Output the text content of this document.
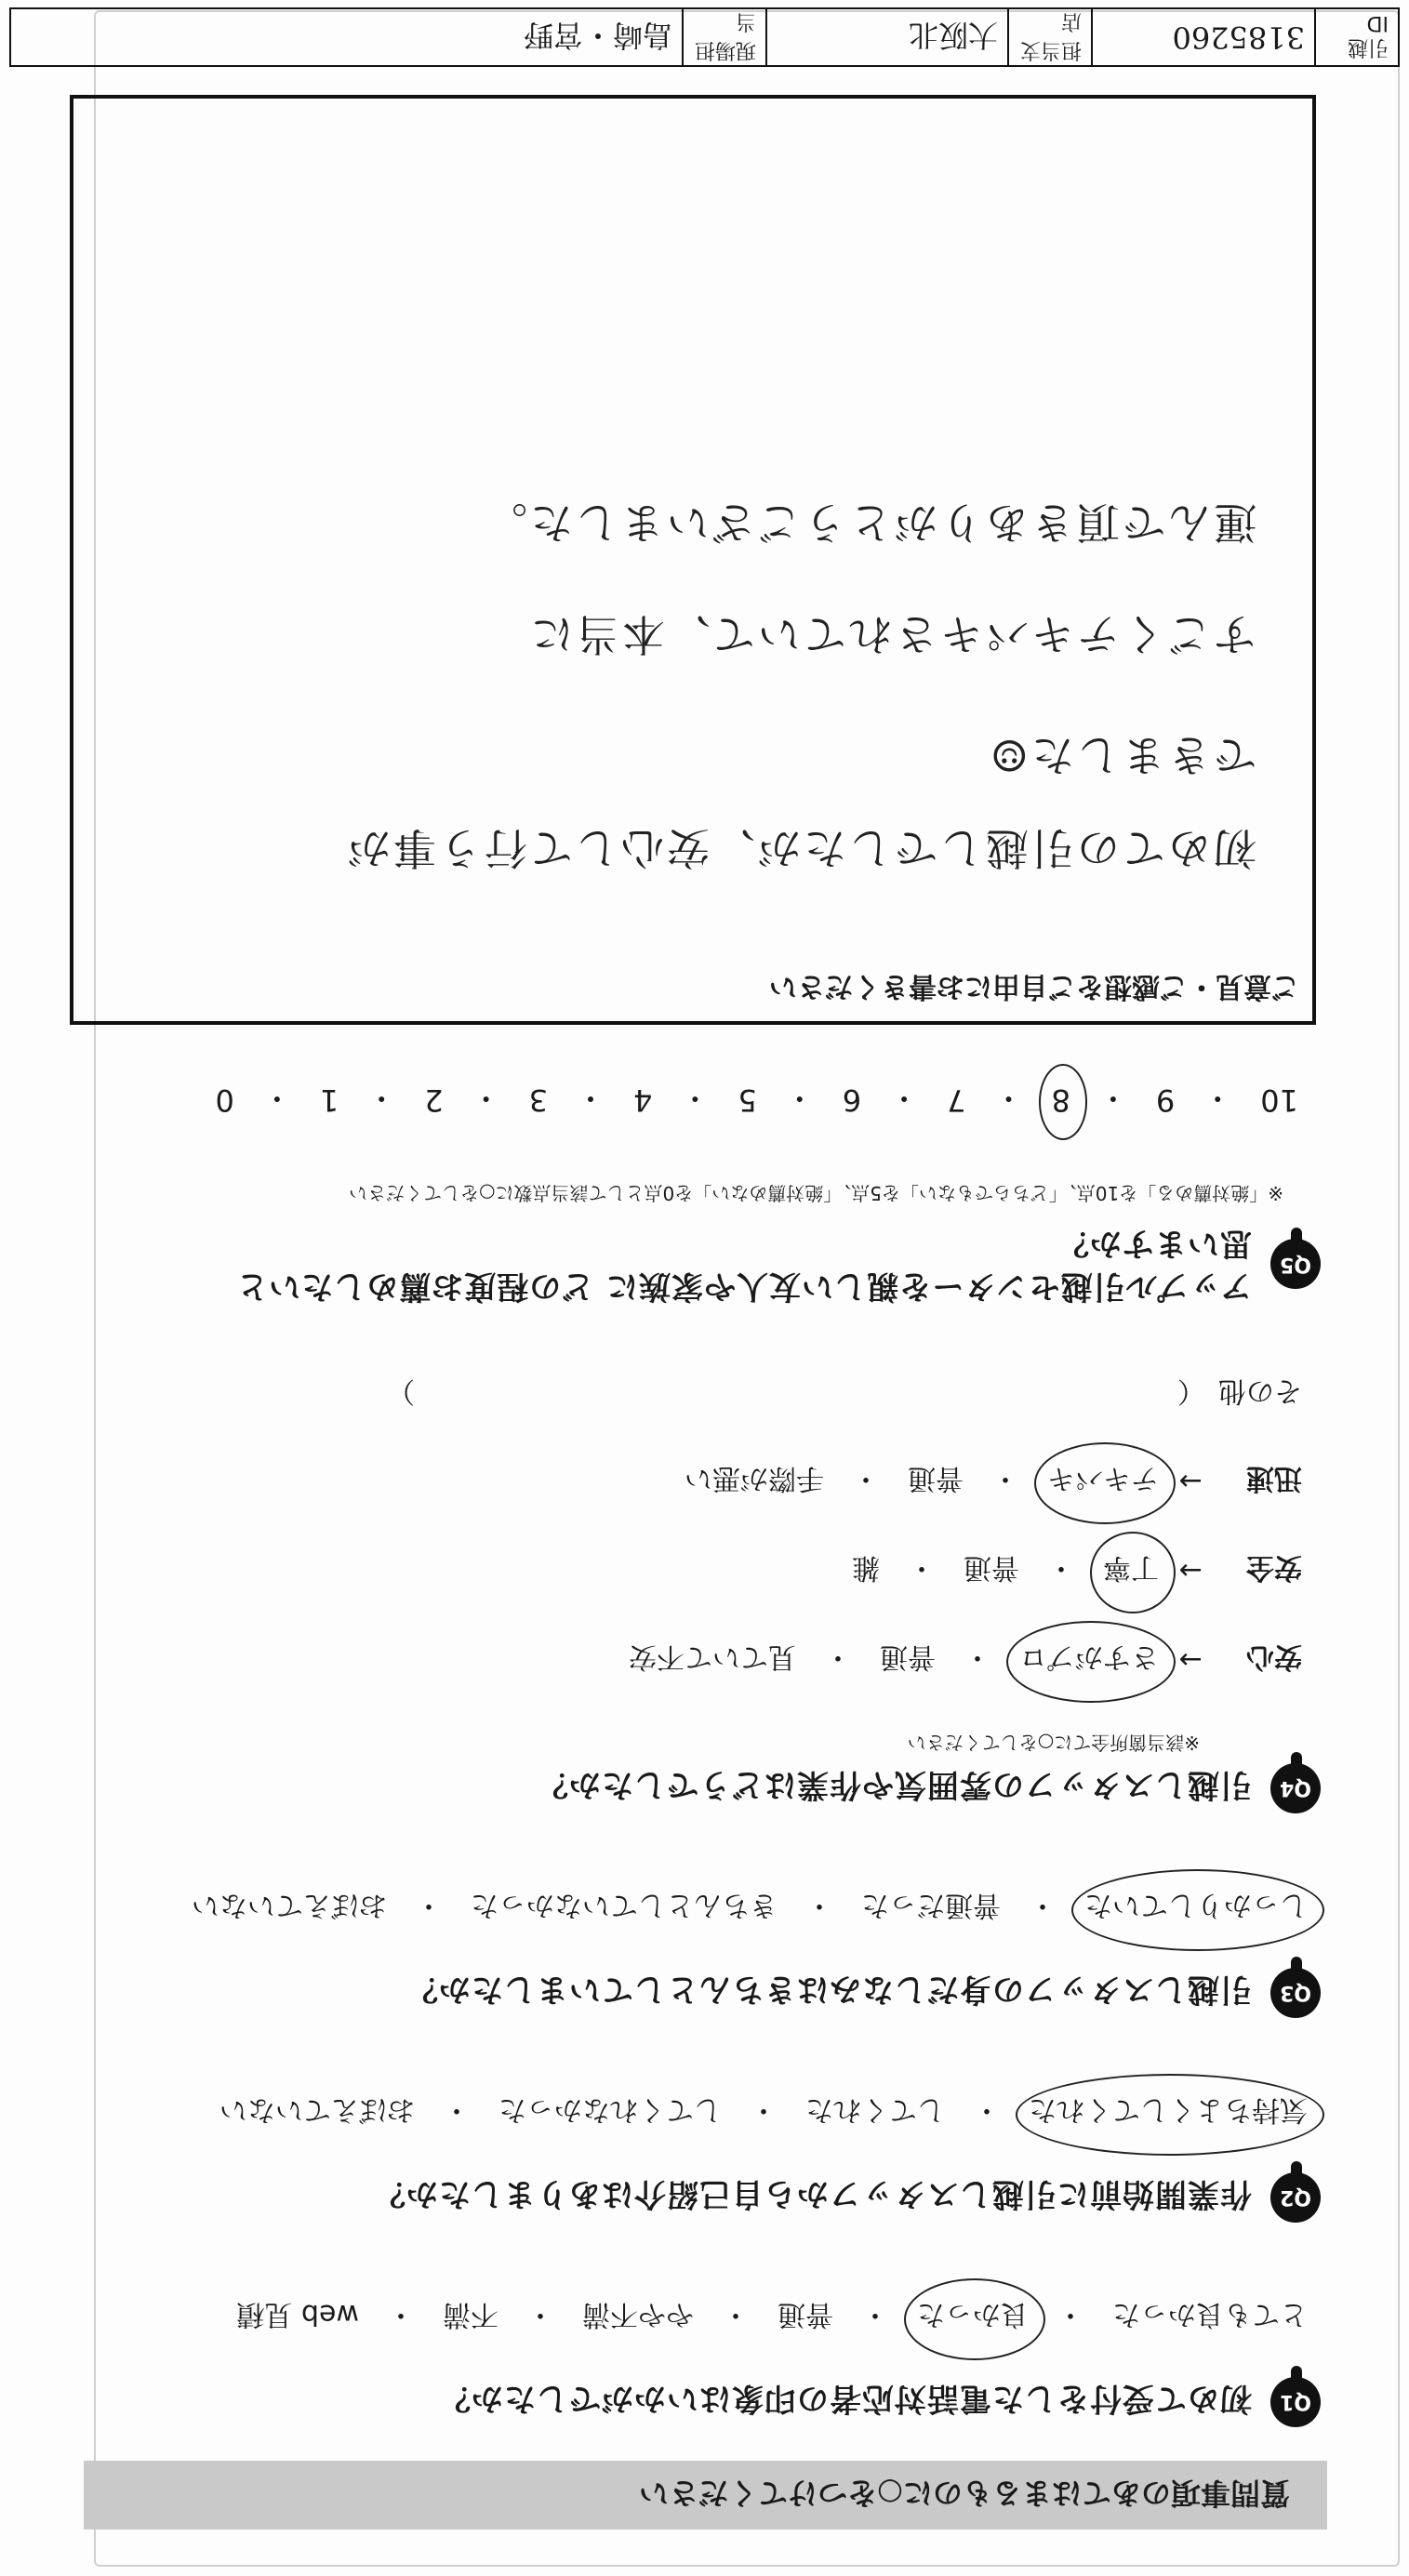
質問事項のあてはまるものに○をつけてください
Q1
初めて受付をした電話対応者の印象はいかがでしたか？
とても良かった
・
良かった
・
普通
・
やや不満
・
不満
・
web 見積
Q2
作業開始前に引越しスタッフから自己紹介はありましたか？
気持ちよくしてくれた
・
してくれた
・
してくれなかった
・
おぼえていない
Q3
引越しスタッフの身だしなみはきちんとしていましたか？
しっかりしていた
・
普通だった
・
きちんとしていなかった
・
おぼえていない
Q4
引越しスタッフの雰囲気や作業はどうでしたか？
※該当箇所全てに○をしてください
安心
→
さすがプロ
・
普通
・
見ていて不安
安全
→
丁寧
・
普通
・
雑
迅速
→
テキパキ
・
普通
・
手際が悪い
その他
（
）
Q5
アップル引越センターを親しい友人や家族に どの程度お薦めしたいと思いますか？
※「絶対薦める」を10点、「どちらでもない」を5点、「絶対薦めない」を0点として該当点数に○をしてください
10
・
9
・
8
・
7
・
6
・
5
・
4
・
3
・
2
・
1
・
0
ご意見・ご感想をご自由にお書きください
初めての引越しでしたが、安心して行う事が
できました☺
すごくテキパキされていて、本当に
運んで頂きありがとうございました。
引越 ID
3185260
担当支店
大阪北
現場担当
島崎・宮野
